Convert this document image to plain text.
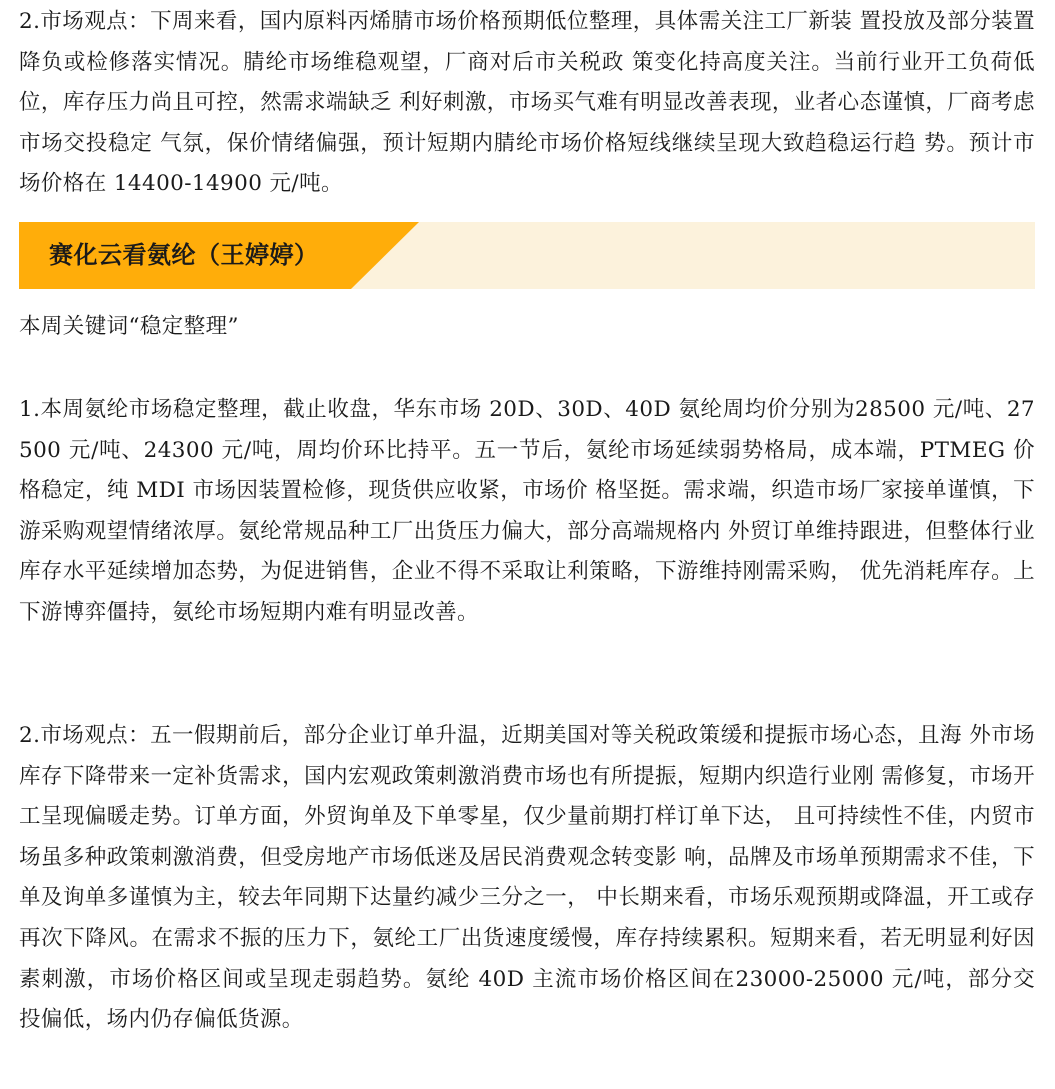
2.市场观点：下周来看，国内原料丙烯腈市场价格预期低位整理，具体需关注工厂新装 置投放及部分装置降负或检修落实情况。腈纶市场维稳观望，厂商对后市关税政 策变化持高度关注。当前行业开工负荷低位，库存压力尚且可控，然需求端缺乏 利好刺激，市场买气难有明显改善表现，业者心态谨慎，厂商考虑市场交投稳定 气氛，保价情绪偏强，预计短期内腈纶市场价格短线继续呈现大致趋稳运行趋 势。预计市场价格在 14400-14900 元/吨。

赛化云看氨纶（王婷婷）

本周关键词“稳定整理”

1.本周氨纶市场稳定整理，截止收盘，华东市场 20D、30D、40D 氨纶周均价分别为28500 元/吨、27500 元/吨、24300 元/吨，周均价环比持平。五一节后，氨纶市场延续弱势格局，成本端，PTMEG 价格稳定，纯 MDI 市场因装置检修，现货供应收紧，市场价 格坚挺。需求端，织造市场厂家接单谨慎，下游采购观望情绪浓厚。氨纶常规品种工厂出货压力偏大，部分高端规格内 外贸订单维持跟进，但整体行业库存水平延续增加态势，为促进销售，企业不得不采取让利策略，下游维持刚需采购， 优先消耗库存。上下游博弈僵持，氨纶市场短期内难有明显改善。

2.市场观点：五一假期前后，部分企业订单升温，近期美国对等关税政策缓和提振市场心态，且海 外市场库存下降带来一定补货需求，国内宏观政策刺激消费市场也有所提振，短期内织造行业刚 需修复，市场开工呈现偏暖走势。订单方面，外贸询单及下单零星，仅少量前期打样订单下达， 且可持续性不佳，内贸市场虽多种政策刺激消费，但受房地产市场低迷及居民消费观念转变影 响，品牌及市场单预期需求不佳，下单及询单多谨慎为主，较去年同期下达量约减少三分之一， 中长期来看，市场乐观预期或降温，开工或存再次下降风。在需求不振的压力下，氨纶工厂出货速度缓慢，库存持续累积。短期来看，若无明显利好因素刺激，市场价格区间或呈现走弱趋势。氨纶 40D 主流市场价格区间在23000-25000 元/吨，部分交 投偏低，场内仍存偏低货源。
